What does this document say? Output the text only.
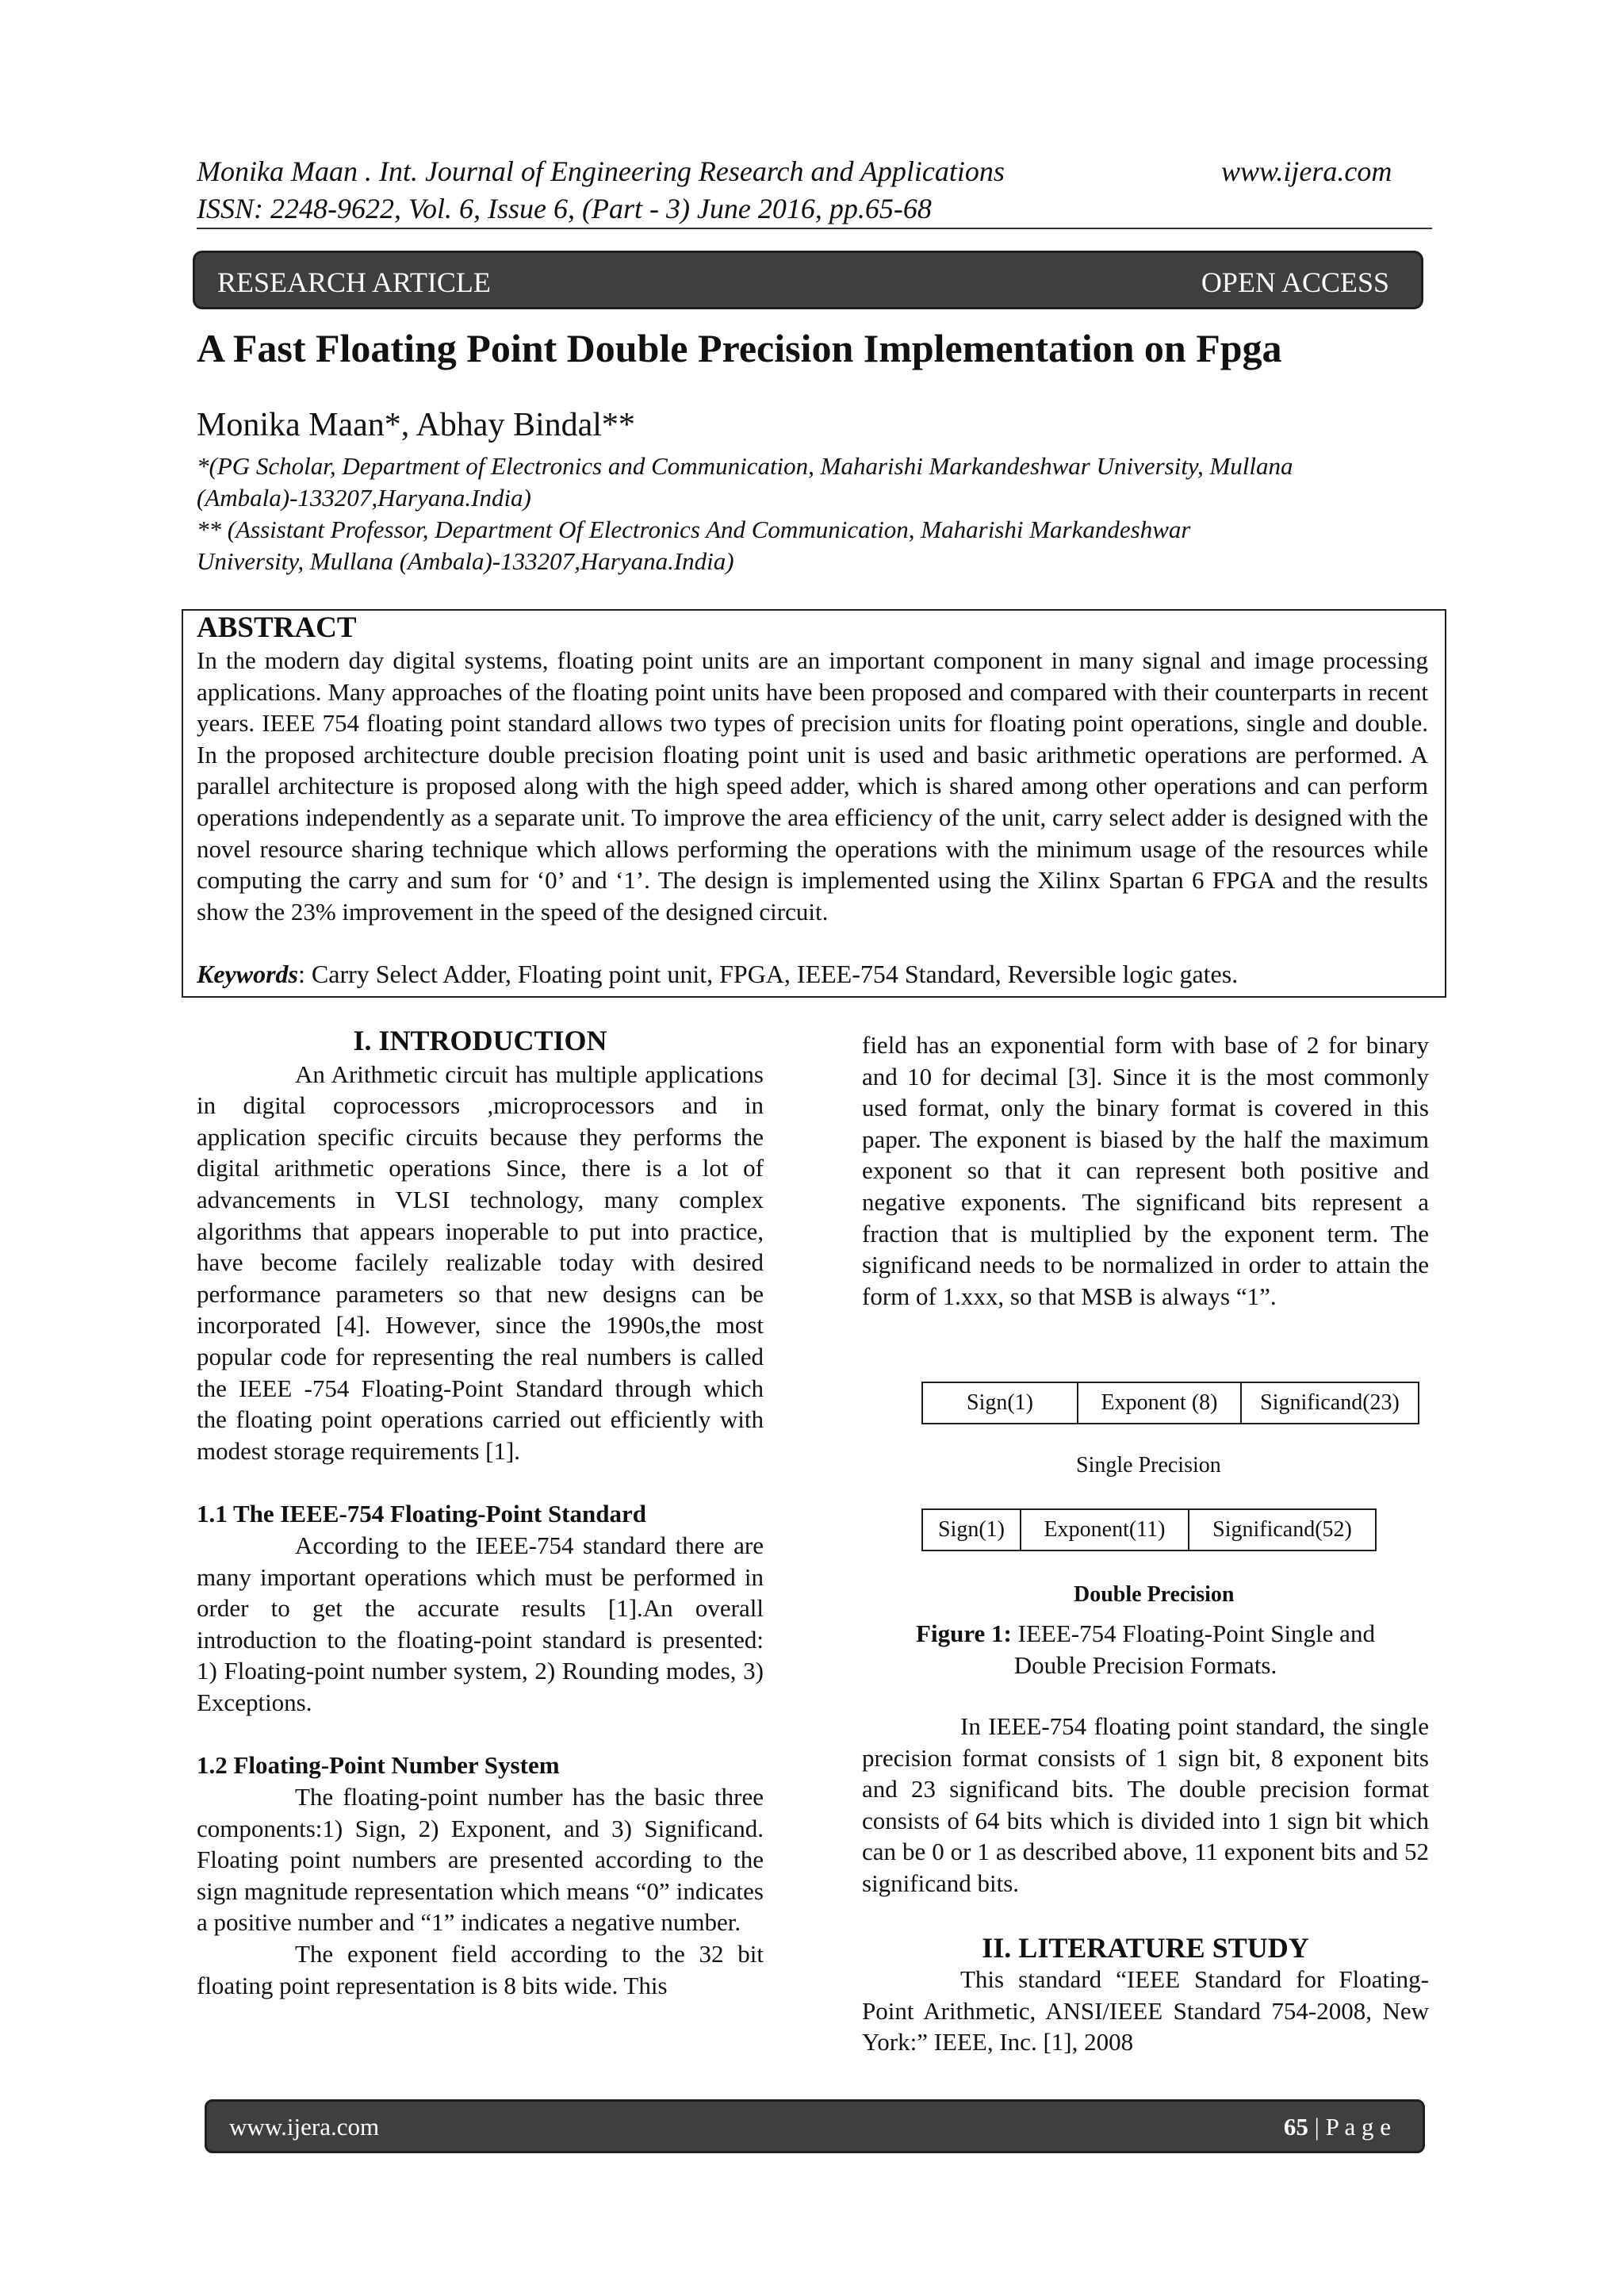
Monika Maan . Int. Journal of Engineering Research and Applications	www.ijera.com
ISSN: 2248-9622, Vol. 6, Issue 6, (Part - 3) June 2016, pp.65-68
RESEARCH ARTICLE	OPEN ACCESS
A Fast Floating Point Double Precision Implementation on Fpga
Monika Maan*, Abhay Bindal**
*(PG Scholar, Department of Electronics and Communication, Maharishi Markandeshwar University, Mullana
(Ambala)-133207,Haryana.India)
** (Assistant Professor, Department Of Electronics And Communication, Maharishi Markandeshwar
University, Mullana (Ambala)-133207,Haryana.India)
ABSTRACT
In the modern day digital systems, floating point units are an important component in many signal and image processing applications. Many approaches of the floating point units have been proposed and compared with their counterparts in recent years. IEEE 754 floating point standard allows two types of precision units for floating point operations, single and double. In the proposed architecture double precision floating point unit is used and basic arithmetic operations are performed. A parallel architecture is proposed along with the high speed adder, which is shared among other operations and can perform operations independently as a separate unit. To improve the area efficiency of the unit, carry select adder is designed with the novel resource sharing technique which allows performing the operations with the minimum usage of the resources while computing the carry and sum for ‘0’ and ‘1’. The design is implemented using the Xilinx Spartan 6 FPGA and the results show the 23% improvement in the speed of the designed circuit.
Keywords: Carry Select Adder, Floating point unit, FPGA, IEEE-754 Standard, Reversible logic gates.
I. INTRODUCTION

An Arithmetic circuit has multiple applications in digital coprocessors ,microprocessors and in application specific circuits because they performs the digital arithmetic operations Since, there is a lot of advancements in VLSI technology, many complex algorithms that appears inoperable to put into practice, have become facilely realizable today with desired performance parameters so that new designs can be incorporated [4]. However, since the 1990s,the most popular code for representing the real numbers is called the IEEE -754 Floating-Point Standard through which the floating point operations carried out efficiently with modest storage requirements [1].

1.1 The IEEE-754 Floating-Point Standard

According to the IEEE-754 standard there are many important operations which must be performed in order to get the accurate results [1].An overall introduction to the floating-point standard is presented: 1) Floating-point number system, 2) Rounding modes, 3) Exceptions.

1.2 Floating-Point Number System

The floating-point number has the basic three components:1) Sign, 2) Exponent, and 3) Significand. Floating point numbers are presented according to the sign magnitude representation which means “0” indicates a positive number and “1” indicates a negative number.

The exponent field according to the 32 bit floating point representation is 8 bits wide. This

field has an exponential form with base of 2 for binary and 10 for decimal [3]. Since it is the most commonly used format, only the binary format is covered in this paper. The exponent is biased by the half the maximum exponent so that it can represent both positive and negative exponents. The significand bits represent a fraction that is multiplied by the exponent term. The significand needs to be normalized in order to attain the form of 1.xxx, so that MSB is always “1”.

Sign(1)	Exponent (8)	Significand(23)
Single Precision
Sign(1)	Exponent(11)	Significand(52)
Double Precision
Figure 1: IEEE-754 Floating-Point Single and
Double Precision Formats.

In IEEE-754 floating point standard, the single precision format consists of 1 sign bit, 8 exponent bits and 23 significand bits. The double precision format consists of 64 bits which is divided into 1 sign bit which can be 0 or 1 as described above, 11 exponent bits and 52 significand bits.

II. LITERATURE STUDY

This standard “IEEE Standard for Floating-Point Arithmetic, ANSI/IEEE Standard 754-2008, New York:” IEEE, Inc. [1], 2008

www.ijera.com	65 | P a g e
